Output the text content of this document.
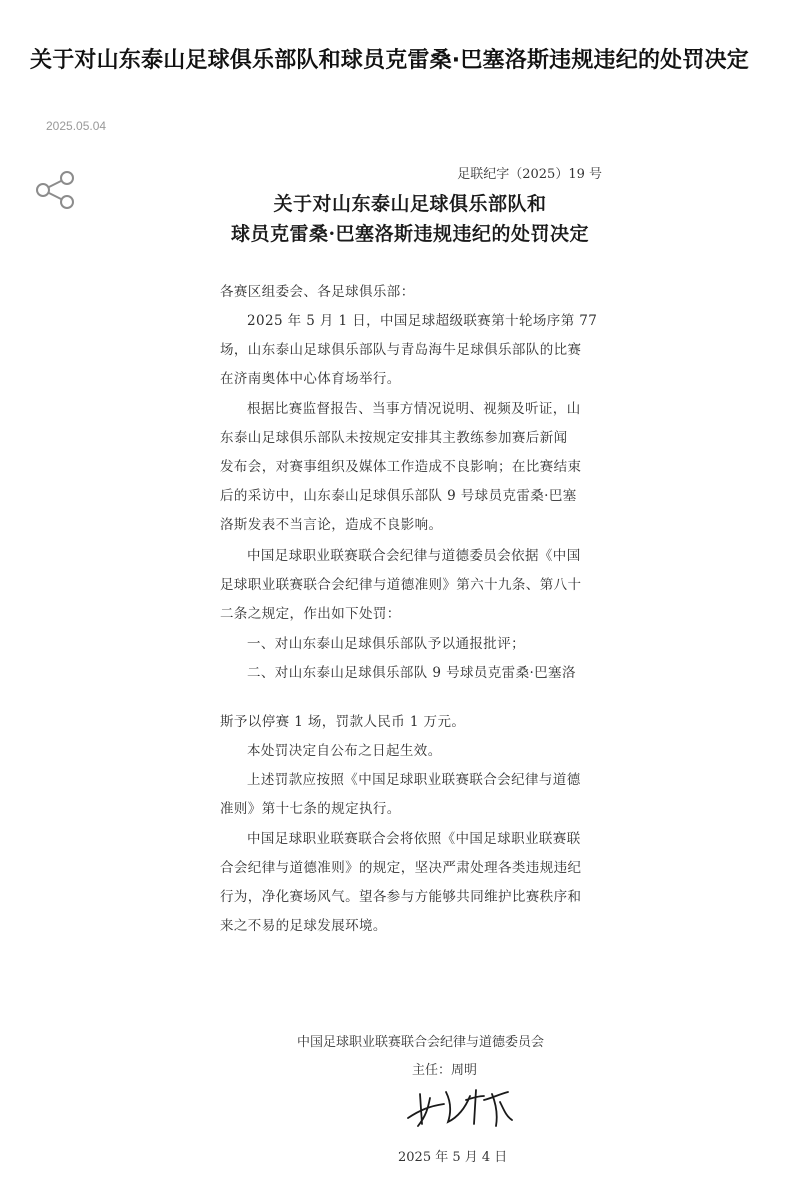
关于对山东泰山足球俱乐部队和球员克雷桑·巴塞洛斯违规违纪的处罚决定
2025.05.04
足联纪字（2025）19 号
关于对山东泰山足球俱乐部队和
球员克雷桑·巴塞洛斯违规违纪的处罚决定
各赛区组委会、各足球俱乐部：
2025 年 5 月 1 日，中国足球超级联赛第十轮场序第 77
场，山东泰山足球俱乐部队与青岛海牛足球俱乐部队的比赛
在济南奥体中心体育场举行。
根据比赛监督报告、当事方情况说明、视频及听证，山
东泰山足球俱乐部队未按规定安排其主教练参加赛后新闻
发布会，对赛事组织及媒体工作造成不良影响；在比赛结束
后的采访中，山东泰山足球俱乐部队 9 号球员克雷桑·巴塞
洛斯发表不当言论，造成不良影响。
中国足球职业联赛联合会纪律与道德委员会依据《中国
足球职业联赛联合会纪律与道德准则》第六十九条、第八十
二条之规定，作出如下处罚：
一、对山东泰山足球俱乐部队予以通报批评；
二、对山东泰山足球俱乐部队 9 号球员克雷桑·巴塞洛
斯予以停赛 1 场，罚款人民币 1 万元。
本处罚决定自公布之日起生效。
上述罚款应按照《中国足球职业联赛联合会纪律与道德
准则》第十七条的规定执行。
中国足球职业联赛联合会将依照《中国足球职业联赛联
合会纪律与道德准则》的规定，坚决严肃处理各类违规违纪
行为，净化赛场风气。望各参与方能够共同维护比赛秩序和
来之不易的足球发展环境。
中国足球职业联赛联合会纪律与道德委员会
主任：周明
2025 年 5 月 4 日
